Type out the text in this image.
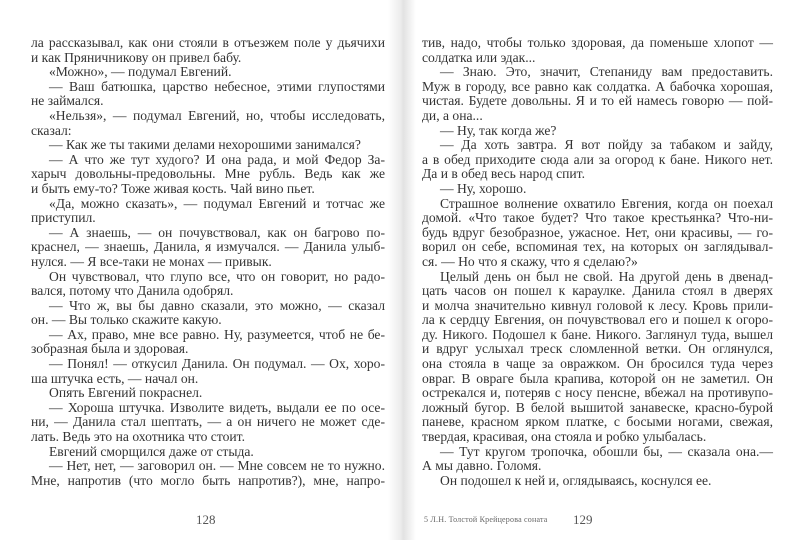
ла рассказывал, как они стояли в отъезжем поле у дьячихи
и как Пряничникову он привел бабу.
«Можно», — подумал Евгений.
— Ваш батюшка, царство небесное, этими глупостями
не займался.
«Нельзя», — подумал Евгений, но, чтобы исследовать,
сказал:
— Как же ты такими делами нехорошими занимался?
— А что же тут худого? И она рада, и мой Федор За-
харыч довольны-предовольны. Мне рубль. Ведь как же
и быть ему-то? Тоже живая кость. Чай вино пьет.
«Да, можно сказать», — подумал Евгений и тотчас же
приступил.
— А знаешь, — он почувствовал, как он багрово по-
краснел, — знаешь, Данила, я измучался. — Данила улыб-
нулся. — Я все-таки не монах — привык.
Он чувствовал, что глупо все, что он говорит, но радо-
вался, потому что Данила одобрял.
— Что ж, вы бы давно сказали, это можно, — сказал
он. — Вы только скажите какую.
— Ах, право, мне все равно. Ну, разумеется, чтоб не бе-
зобразная была и здоровая.
— Понял! — откусил Данила. Он подумал. — Ох, хоро-
ша штучка есть, — начал он.
Опять Евгений покраснел.
— Хороша штучка. Изволите видеть, выдали ее по осе-
ни, — Данила стал шептать, — а он ничего не может сде-
лать. Ведь это на охотника что стоит.
Евгений сморщился даже от стыда.
— Нет, нет, — заговорил он. — Мне совсем не то нужно.
Мне, напротив (что могло быть напротив?), мне, напро-
128
тив, надо, чтобы только здоровая, да поменьше хлопот —
солдатка или эдак...
— Знаю. Это, значит, Степаниду вам предоставить.
Муж в городу, все равно как солдатка. А бабочка хорошая,
чистая. Будете довольны. Я и то ей намесь говорю — пой-
ди, а она...
— Ну, так когда же?
— Да хоть завтра. Я вот пойду за табаком и зайду,
а в обед приходите сюда али за огород к бане. Никого нет.
Да и в обед весь народ спит.
— Ну, хорошо.
Страшное волнение охватило Евгения, когда он поехал
домой. «Что такое будет? Что такое крестьянка? Что-ни-
будь вдруг безобразное, ужасное. Нет, они красивы, — го-
ворил он себе, вспоминая тех, на которых он заглядывал-
ся. — Но что я скажу, что я сделаю?»
Целый день он был не свой. На другой день в двенад-
цать часов он пошел к караулке. Данила стоял в дверях
и молча значительно кивнул головой к лесу. Кровь прили-
ла к сердцу Евгения, он почувствовал его и пошел к огоро-
ду. Никого. Подошел к бане. Никого. Заглянул туда, вышел
и вдруг услыхал треск сломленной ветки. Он оглянулся,
она стояла в чаще за овражком. Он бросился туда через
овраг. В овраге была крапива, которой он не заметил. Он
острекался и, потеряв с носу пенсне, вбежал на противупо-
ложный бугор. В белой вышитой занавеске, красно-бурой
паневе, красном ярком платке, с босыми ногами, свежая,
твердая, красивая, она стояла и робко улыбалась.
— Тут кругом тропочка, обошли бы, — сказала она.—
А мы давно. Голомя́.
Он подошел к ней и, оглядываясь, коснулся ее.
5 Л.Н. Толстой Крейцерова соната 129
